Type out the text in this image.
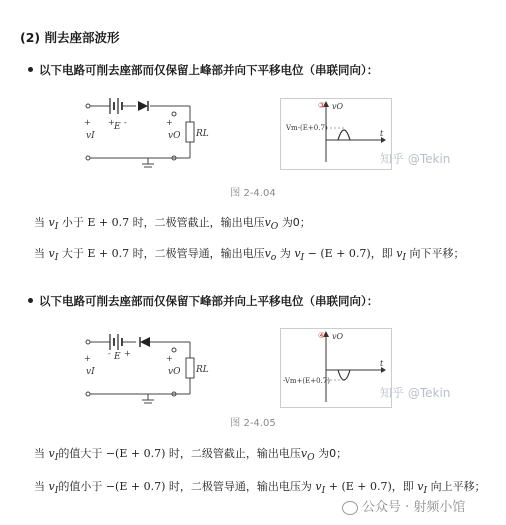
(2) 削去座部波形
以下电路可削去座部而仅保留上峰部并向下平移电位（串联同向）：
+ + -
E
vI
+
vO RL
③ vO
t
Vm-(E+0.7)
知乎 @Tekin
图 2-4.04
当 $v_I$ 小于 E + 0.7 时，二极管截止，输出电压$v_O$ 为0；
当 $v_I$ 大于 E + 0.7 时，二极管导通，输出电压$v_o$ 为 $v_I - (E + 0.7)$，即 $v_I$ 向下平移；
以下电路可削去座部而仅保留下峰部并向上平移电位（串联同向）：
+
- +
E
vI
+
vO RL
④ vO
t
-Vm+(E+0.7)
知乎 @Tekin
图 2-4.05
当 $v_I$的值大于 −(E + 0.7) 时，二级管截止，输出电压$v_O$ 为0；
当 $v_I$的值小于 −(E + 0.7) 时，二极管导通，输出电压为 $v_I + (E + 0.7)$，即 $v_I$ 向上平移；
公众号 · 射频小馆
